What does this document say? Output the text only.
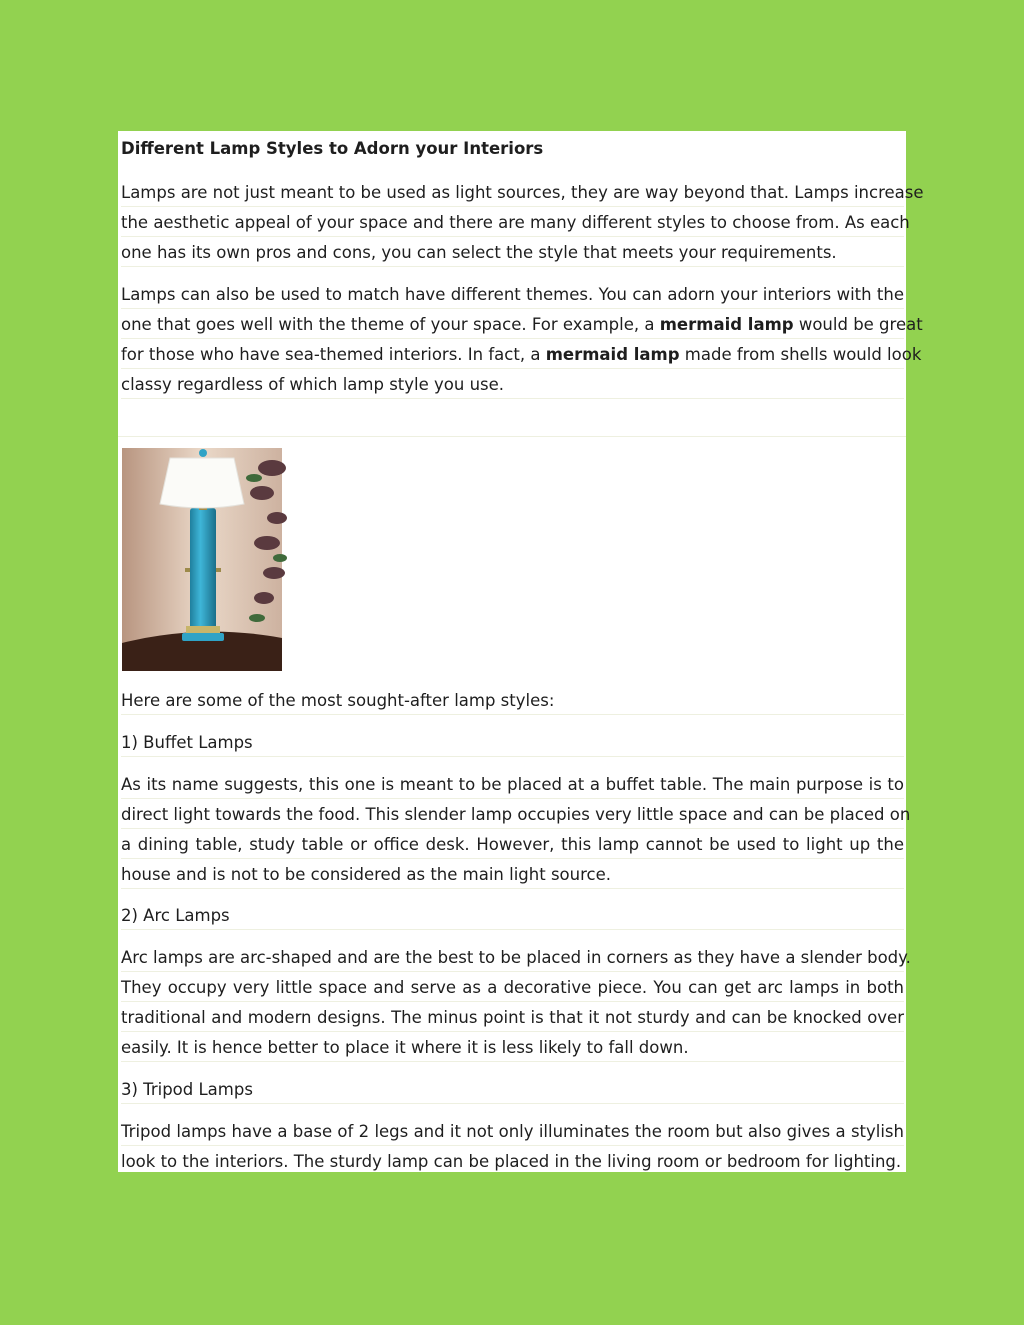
Different Lamp Styles to Adorn your Interiors
Lamps are not just meant to be used as light sources, they are way beyond that. Lamps increase
the aesthetic appeal of your space and there are many different styles to choose from. As each
one has its own pros and cons, you can select the style that meets your requirements.
Lamps can also be used to match have different themes. You can adorn your interiors with the
one that goes well with the theme of your space. For example, a mermaid lamp would be great
for those who have sea-themed interiors. In fact, a mermaid lamp made from shells would look
classy regardless of which lamp style you use.
Here are some of the most sought-after lamp styles:
1) Buffet Lamps
As its name suggests, this one is meant to be placed at a buffet table. The main purpose is to
direct light towards the food. This slender lamp occupies very little space and can be placed on
a dining table, study table or office desk. However, this lamp cannot be used to light up the
house and is not to be considered as the main light source.
2) Arc Lamps
Arc lamps are arc-shaped and are the best to be placed in corners as they have a slender body.
They occupy very little space and serve as a decorative piece. You can get arc lamps in both
traditional and modern designs. The minus point is that it not sturdy and can be knocked over
easily. It is hence better to place it where it is less likely to fall down.
3) Tripod Lamps
Tripod lamps have a base of 2 legs and it not only illuminates the room but also gives a stylish
look to the interiors. The sturdy lamp can be placed in the living room or bedroom for lighting.
